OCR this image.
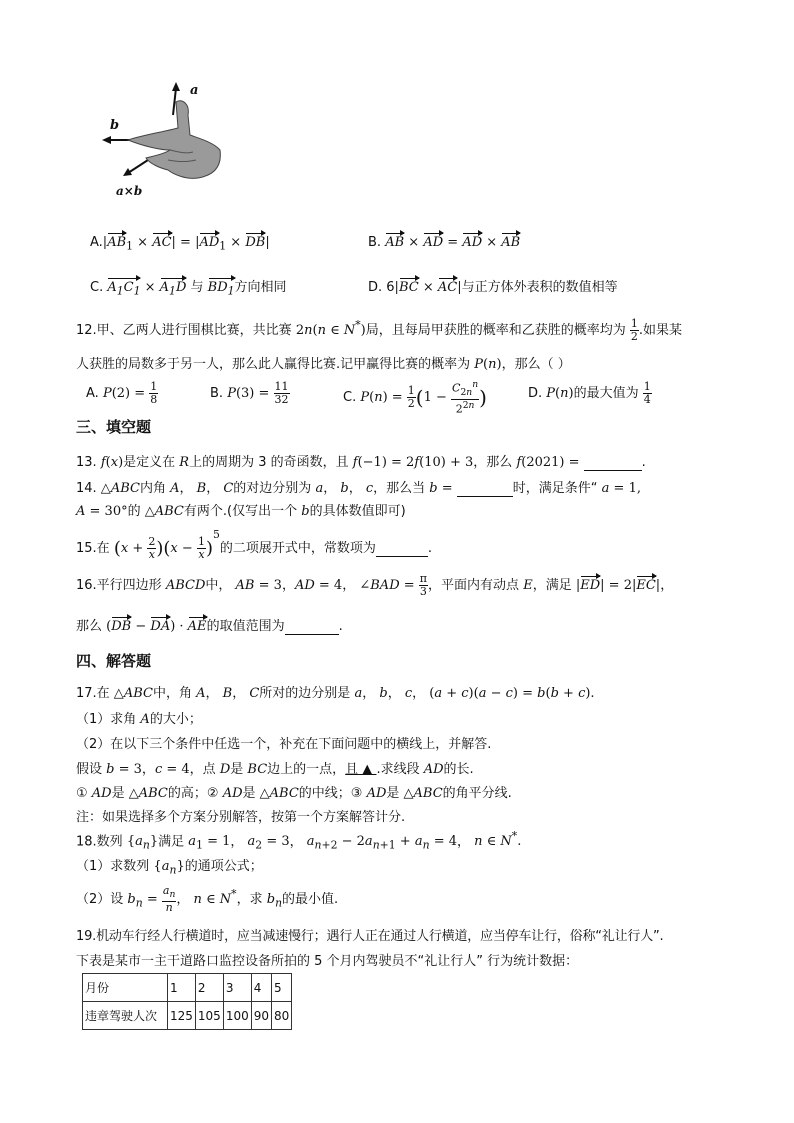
a
b
a×b
$A.|AB_1 \times AC| = |AD_1 \times DB|$	B. AB × AD = AD × AB
C. $A_1C_1 \times A_1D$ 与 $BD_1$方向相同	D. 6|BC × AC|与正方体外表积的数值相等
12.甲、乙两人进行围棋比赛，共比赛 2n(n ∈ N*)局，且每局甲获胜的概率和乙获胜的概率均为 $\frac{1}{2}$ .如果某
人获胜的局数多于另一人，那么此人赢得比赛.记甲赢得比赛的概率为 P(n)，那么（ ）
A. $P(2) = \frac{1}{8}$	B. $P(3) = \frac{11}{32}$	C. $P(n) = \frac{1}{2} (1 - \frac{C_{2n}^n}{2^{2n}}$ )	D. P(n)的最大值为 $\frac{1}{4}$
三、填空题
13. f(x)是定义在 R上的周期为 3 的奇函数，且 f(−1) = 2f(10) + 3，那么 f(2021) =	.
14. △ABC内角 A， B， C的对边分别为 a， b， c，那么当 b =	时，满足条件“ a = 1,
A = 30°的 △ABC有两个.(仅写出一个 b的具体数值即可)
15.在 $(x + \frac{2}{x} )(x - \frac{1}{x} )^5$的二项展开式中，常数项为	.
16.平行四边形 ABCD中， AB = 3，AD = 4， ∠BAD = $\frac{\pi}{3}$ ，平面内有动点 E，满足 |ED| = 2|EC|，
那么 (DB − DA) · AE的取值范围为	.
四、解答题
17.在 △ABC中，角 A， B， C所对的边分别是 a， b， c， (a + c)(a − c) = b(b + c).
（1）求角 A的大小；
（2）在以下三个条件中任选一个，补充在下面问题中的横线上，并解答.
假设 b = 3，c = 4，点 D是 BC边上的一点，且 ▲ .求线段 AD的长.
① AD是 △ABC的高；② AD是 △ABC的中线；③ AD是 △ABC的角平分线.
注：如果选择多个方案分别解答，按第一个方案解答计分.
18.数列 $\{a_n\}$满足 $a_1 = 1$， $a_2 = 3$， $a_{n+2} - 2a_{n+1} + a_n = 4$， n ∈ N*.
（1）求数列 $\{a_n\}$的通项公式；
（2）设 $b_n = \frac{a_n}{n}$ ， n ∈ N*，求 $b_n$的最小值.
19.机动车行经人行横道时，应当减速慢行；遇行人正在通过人行横道，应当停车让行，俗称“礼让行人”.
下表是某市一主干道路口监控设备所拍的 5 个月内驾驶员不“礼让行人” 行为统计数据：
月份	1	2	3	4	5
违章驾驶人次	125	105	100	90	80
